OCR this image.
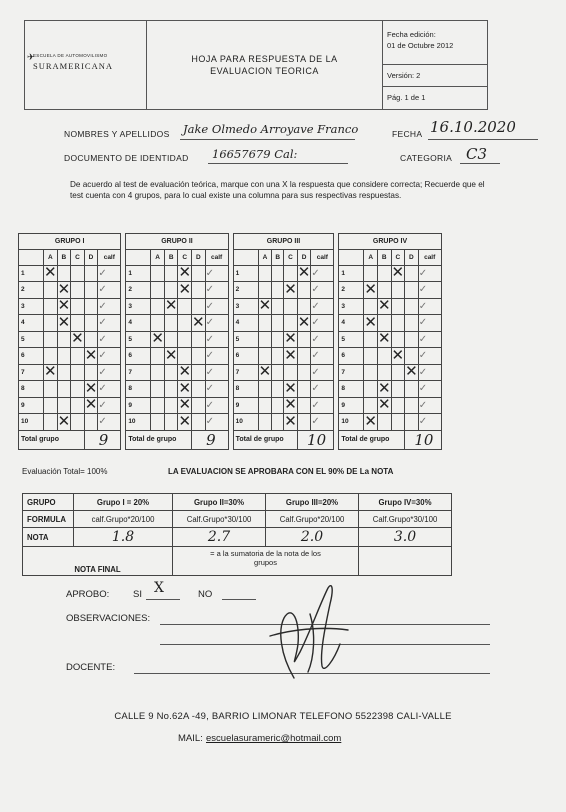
✈
ESCUELA DE AUTOMOVILISMO
SURAMERICANA
HOJA PARA RESPUESTA DE LA
EVALUACION TEORICA
Fecha edición:
01 de Octubre 2012
Versión: 2
Pág. 1 de 1
NOMBRES Y APELLIDOS Jake Olmedo Arroyave Franco	FECHA 16.10.2020
DOCUMENTO DE IDENTIDAD 16657679 Cal:	CATEGORIA C3
De acuerdo al test de evaluación teórica, marque con una X la respuesta que considere correcta; Recuerde que el test cuenta con 4 grupos, para lo cual existe una columna para sus respectivas respuestas.
GRUPO I							GRUPO II							GRUPO III							GRUPO IV					
	A	B	C	D	calf			A	B	C	D	calf			A	B	C	D	calf			A	B	C	D	calf
1	✕				✓		1			✕		✓		1				✕	✓		1			✕		✓
2		✕			✓		2			✕		✓		2			✕		✓		2	✕				✓
3		✕			✓		3		✕			✓		3	✕				✓		3		✕			✓
4		✕			✓		4				✕	✓		4				✕	✓		4	✕				✓
5			✕		✓		5	✕				✓		5			✕		✓		5		✕			✓
6				✕	✓		6		✕			✓		6			✕		✓		6			✕		✓
7	✕				✓		7			✕		✓		7	✕				✓		7				✕	✓
8				✕	✓		8			✕		✓		8			✕		✓		8		✕			✓
9				✕	✓		9			✕		✓		9			✕		✓		9		✕			✓
10		✕			✓		10			✕		✓		10			✕		✓		10	✕				✓
Total grupo				9			Total de grupo				9			Total de grupo				10			Total de grupo				10	
Evaluación Total= 100%	LA EVALUACION SE APROBARA CON EL 90% DE La NOTA
GRUPO	Grupo I = 20%	Grupo II=30%	Grupo III=20%	Grupo IV=30%
FORMULA	calf.Grupo*20/100	Calf.Grupo*30/100	Calf.Grupo*20/100	Calf.Grupo*30/100
NOTA	1.8	2.7	2.0	3.0
NOTA FINAL		= a la sumatoria de la nota de los grupos		
APROBO: SI X	NO
OBSERVACIONES:
DOCENTE:
CALLE 9 No.62A -49, BARRIO LIMONAR TELEFONO 5522398 CALI-VALLE
MAIL: escuelasurameric@hotmail.com
